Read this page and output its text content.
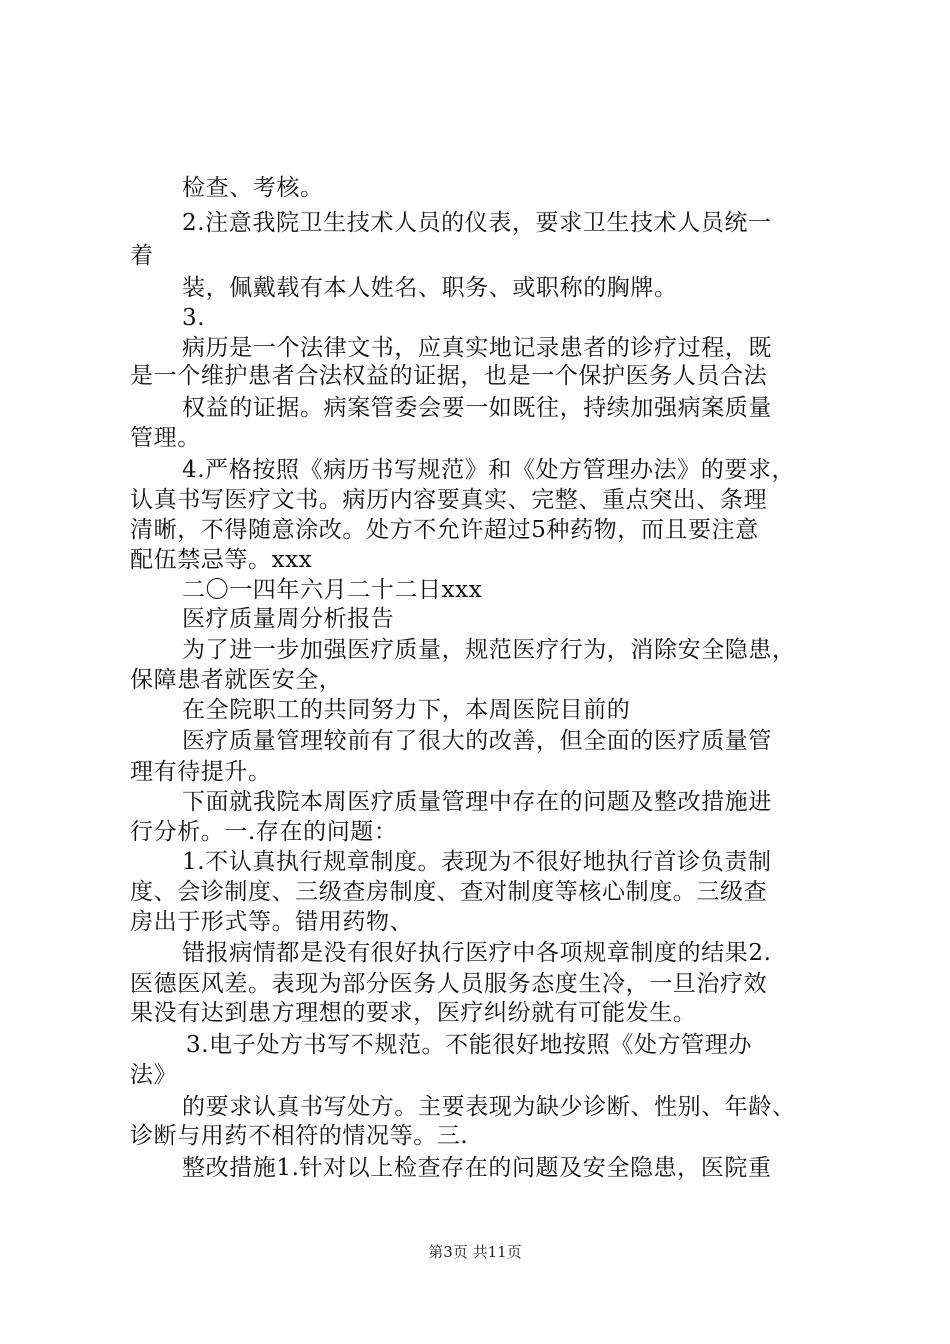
检查、考核。
2.注意我院卫生技术人员的仪表，要求卫生技术人员统一
着
装，佩戴载有本人姓名、职务、或职称的胸牌。
3.
病历是一个法律文书，应真实地记录患者的诊疗过程，既
是一个维护患者合法权益的证据，也是一个保护医务人员合法
权益的证据。病案管委会要一如既往，持续加强病案质量
管理。
4.严格按照《病历书写规范》和《处方管理办法》的要求，
认真书写医疗文书。病历内容要真实、完整、重点突出、条理
清晰，不得随意涂改。处方不允许超过5种药物，而且要注意
配伍禁忌等。xxx
二〇一四年六月二十二日xxx
医疗质量周分析报告
为了进一步加强医疗质量，规范医疗行为，消除安全隐患，
保障患者就医安全，
在全院职工的共同努力下，本周医院目前的
医疗质量管理较前有了很大的改善，但全面的医疗质量管
理有待提升。
下面就我院本周医疗质量管理中存在的问题及整改措施进
行分析。一.存在的问题：
1.不认真执行规章制度。表现为不很好地执行首诊负责制
度、会诊制度、三级查房制度、查对制度等核心制度。三级查
房出于形式等。错用药物、
错报病情都是没有很好执行医疗中各项规章制度的结果2.
医德医风差。表现为部分医务人员服务态度生冷，一旦治疗效
果没有达到患方理想的要求，医疗纠纷就有可能发生。
3.电子处方书写不规范。不能很好地按照《处方管理办
法》
的要求认真书写处方。主要表现为缺少诊断、性别、年龄、
诊断与用药不相符的情况等。三.
整改措施1.针对以上检查存在的问题及安全隐患，医院重
第3页 共11页
